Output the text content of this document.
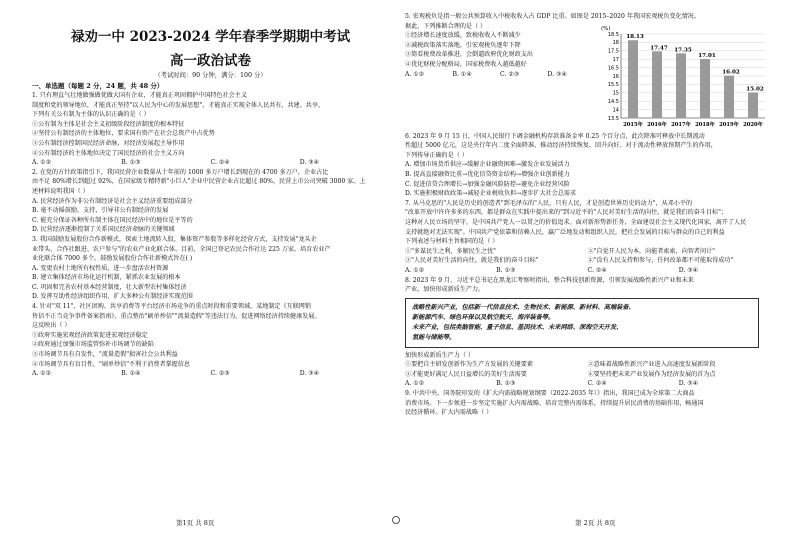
禄劝一中 2023-2024 学年春季学期期中考试
高一政治试卷
（考试时间：90 分钟，满分：100 分）
一、单选题（每题 2 分，24 题，共 48 分）
1. 只有理直气壮地做强做优做大国有企业，才能真正巩固拥护中国特色社会主义
制度和党的领导地位，才能真正坚持"以人民为中心的发展思想"，才能真正实现全体人民共有、共建、共享、
下列有关公有制为主体的认识正确的是（ ）
①公有制为主体是社会主义初级阶段经济制度的根本特征
②坚持公有制经济的主体地位，要求国有资产在社会总资产中占优势
③公有制经济控制国民经济命脉，对经济发展起主导作用
④公有制经济的主体地位决定了国民经济的社会主义方向
A. ①②	B. ①③	C. ②④	D. ③④
2. 在党的方针政策指引下，我国民营企业数量从十年前的 1000 多万户增长到现在的 4700 多万户，企业占比
由不足 80%增长到超过 92%，在国家级专精特新"小巨人"企业中民营企业占比超过 80%，民营上市公司突破 3000 家。上
述材料说明我国（ ）
A. 民营经济作为非公有制经济是社会主义经济重要组成部分
B. 毫不动摇鼓励、支持、引导非公有制经济的发展
C. 能充分保证各种所有制主体在国民经济中的地位是平等的
D. 民营经济逐渐控制了关系国民经济命脉的关键领域
3. 我国鼓励发展股份合作新模式，探索土地流转入股，集体资产参股等多样化经营方式，支持发展"龙头企
业带头、合作社跟进、农户参与"的农业产业化联合体。目前，全国已登记农民合作社达 225 万家，培育农业产
业化联合体 7000 多个。鼓励发展股份合作社新模式旨在( )
A. 变更农村土地所有权性质，进一步盘活农村资源
B. 建立集体经济市场化运行机制，紧抓农业发展的根本
C. 巩固和完善农村基本经营制度，壮大新型农村集体经济
D. 发挥互助性经济组织作用，扩大多种公有制经济实现范围
4. 针对"双 11"、社区团购、共享消费等平台经济市场竞争的重点时段和重要领域，某地制定《互联网销
售信不正当竞争事件备案指南》，重点整治"刷单炒信""流量造假"等违法行为，促进网络经济持续健康发展。
这反映出（ ）
①政府实施宏观经济政策促进宏观经济稳定
②政府通过加强市场监管弥补市场调节的缺陷
③市场调节具有自发性，"流量造假"损害社会公共利益
④市场调节具有盲目性，"刷单炒信"不利于消费者掌握信息
A. ①②	B. ①④	C. ②③	D. ③④
第1页 共 8页
5. 宏观税负是指一般公共预算收入中税收收入占 GDP 比重。如图是 2015–2020 年我国宏观税负变化情况。
据此，下列推断合理的是（ ）
①经济增长速度放缓，致税收收入不断减少
②减税政策落实落地，引宏观税负逐年下降
③简看税费改革推进，会倒逼政府优化财政支出
④优化财税分配格局，国家税费收入越低越好
A. ①②	B. ①④	C. ②③	D. ③④
(%)
18.5
18
17.5
17
16.5
16
15.5
15
14.5
14
13.5
18.13
2015年
17.47
2016年
17.35
2017年
17.01
2018年
16.02
2019年
15.02
2020年
6. 2023 年 9 月 15 日，中国人民银行下调金融机构存款准备金率 0.25 个百分点，此次降准可释放中长期流动
性超过 5000 亿元，这是央行年内二度全面降准，推动经济持续恢复、回升向好。对于流动性释放预期产生的作用，
下列传导正确的是（ ）
A. 增加市场货币供应→缓解企业融资困难→激发企业发展活力
B. 提高直接融资比重→优化信贷资金结构→增强企业创新能力
C. 促进信贷合理增长→加强金融风险防控→避免企业经营风险
D. 实施积极财政政策→减轻企业税收负担→逐步扩大社会总需求
7. 从马克思的"人民是历史的创造者"到毛泽东的"人民，只有人民，才是创造世界历史的动力"，从邓小平的
"改革开放中许许多多的东西，都是群众在实践中提出来的"到习近平的"人民对美好生活的向往，就是我们的奋斗目标"；
这种对人民立场的坚守，是中国共产党人一以贯之的价值追求。面对新形势新任务，全面建设社会主义现代化国家，离开了人民
支持就绝对无法实现"。中国共产党依靠和信赖人民，赢广泛地发动和组织人民，把社会发展的目标与群众的自己的利益
下列表述与材料主旨相同的是（ ）
①"多谋民生之利，多解民生之忧"	②"自觉开人民为本，向能者索索，向智者问计"
③"人民对美好生活的向往，就是我们的奋斗目标"	④"没有人民支持和参与，任何改革都不可能取得成功"
A. ①②	B. ①③	C. ②④	D. ③④
8. 2023 年 9 月，习近平总书记在黑龙江考察时指出，整合科技创新资源，引领发展战略性新兴产业和未来
产业，加快形成新质生产力。
战略性新兴产业，包括新一代信息技术、生物技术、新能源、新材料、高端装备、
新能源汽车、绿色环保以及航空航天、海洋装备等。
未来产业，包括类脑智能、量子信息、基因技术、未来网络、深海空天开发、
氢能与储能等。
加快形成新质生产力（ ）
①要把自主研发创新作为生产方发展的关键要素	②意味着战略性新兴产业进入高速度发展新阶段
③才能更好满足人民日益增长的美好生活需要	④要坚持把未来产业发展作为经济发展的首为点
A. ①②	B. ①③	C. ②④	D. ③④
9. 中共中央、国务院印发的《扩大内需战略规划纲要（2022-2035 年）》指出，我国已成为全球第二大商品
消费市场。下一步须进一步坚定实施扩大内需战略、培育完整内需体系，持续提升居民消费的基础作用，畅通国
民经济循环。扩大内需战略（ ）
第 2页 共 8页
